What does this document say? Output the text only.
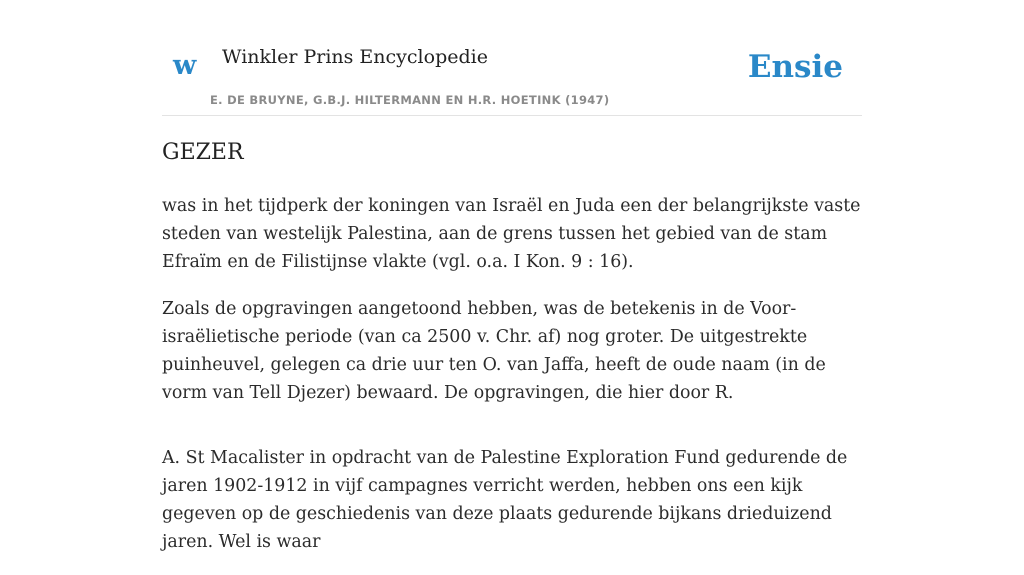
w Winkler Prins Encyclopedie
E. DE BRUYNE, G.B.J. HILTERMANN EN H.R. HOETINK (1947)
Ensie
GEZER

was in het tijdperk der koningen van Israël en Juda een der belangrijkste vaste steden van westelijk Palestina, aan de grens tussen het gebied van de stam Efraïm en de Filistijnse vlakte (vgl. o.a. I Kon. 9 : 16).

Zoals de opgravingen aangetoond hebben, was de betekenis in de Voor-israëlietische periode (van ca 2500 v. Chr. af) nog groter. De uitgestrekte puinheuvel, gelegen ca drie uur ten O. van Jaffa, heeft de oude naam (in de vorm van Tell Djezer) bewaard. De opgravingen, die hier door R.

A. St Macalister in opdracht van de Palestine Exploration Fund gedurende de jaren 1902-1912 in vijf campagnes verricht werden, hebben ons een kijk gegeven op de geschiedenis van deze plaats gedurende bijkans drieduizend jaren. Wel is waar
